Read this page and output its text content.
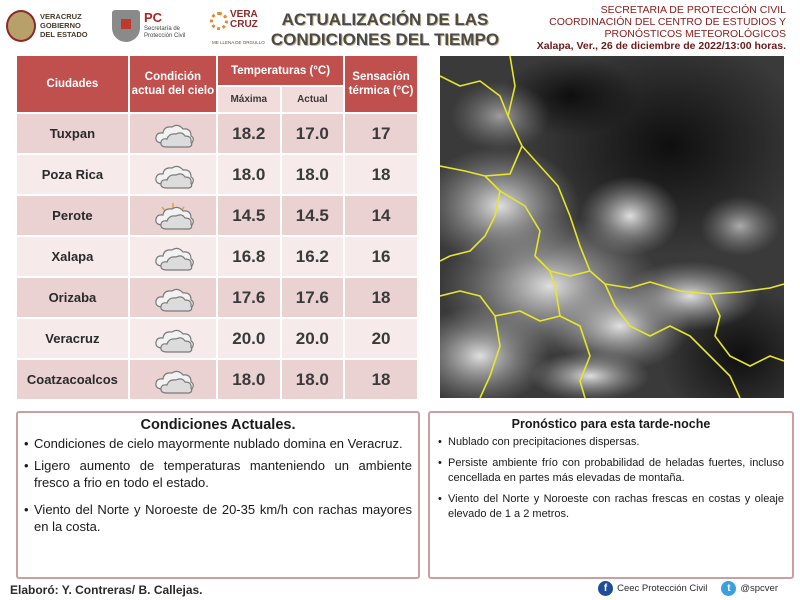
VERACRUZ
GOBIERNO
DEL ESTADO
PC
Secretaría de
Protección Civil
VERA
CRUZ
ME LLENA DE ORGULLO
ACTUALIZACIÓN DE LAS
CONDICIONES DEL TIEMPO
SECRETARIA DE PROTECCIÓN CIVIL
COORDINACIÓN DEL CENTRO DE ESTUDIOS Y
PRONÓSTICOS METEOROLÓGICOS
Xalapa, Ver., 26 de diciembre de 2022/13:00 horas.
Ciudades	Condición actual del cielo	Temperaturas (°C)		Sensación térmica (°C)
		Máxima	Actual	
Tuxpan		18.2	17.0	17
Poza Rica		18.0	18.0	18
Perote		14.5	14.5	14
Xalapa		16.8	16.2	16
Orizaba		17.6	17.6	18
Veracruz		20.0	20.0	20
Coatzacoalcos		18.0	18.0	18
Condiciones Actuales.
• Condiciones de cielo mayormente nublado domina en Veracruz.
• Ligero aumento de temperaturas manteniendo un ambiente fresco a frio en todo el estado.
• Viento del Norte y Noroeste de 20-35 km/h con rachas mayores en la costa.
Pronóstico para esta tarde-noche
• Nublado con precipitaciones dispersas.
• Persiste ambiente frío con probabilidad de heladas fuertes, incluso cencellada en partes más elevadas de montaña.
• Viento del Norte y Noroeste con rachas frescas en costas y oleaje elevado de 1 a 2 metros.
Elaboró: Y. Contreras/ B. Callejas.	f	Ceec Protección Civil	t	@spcver
